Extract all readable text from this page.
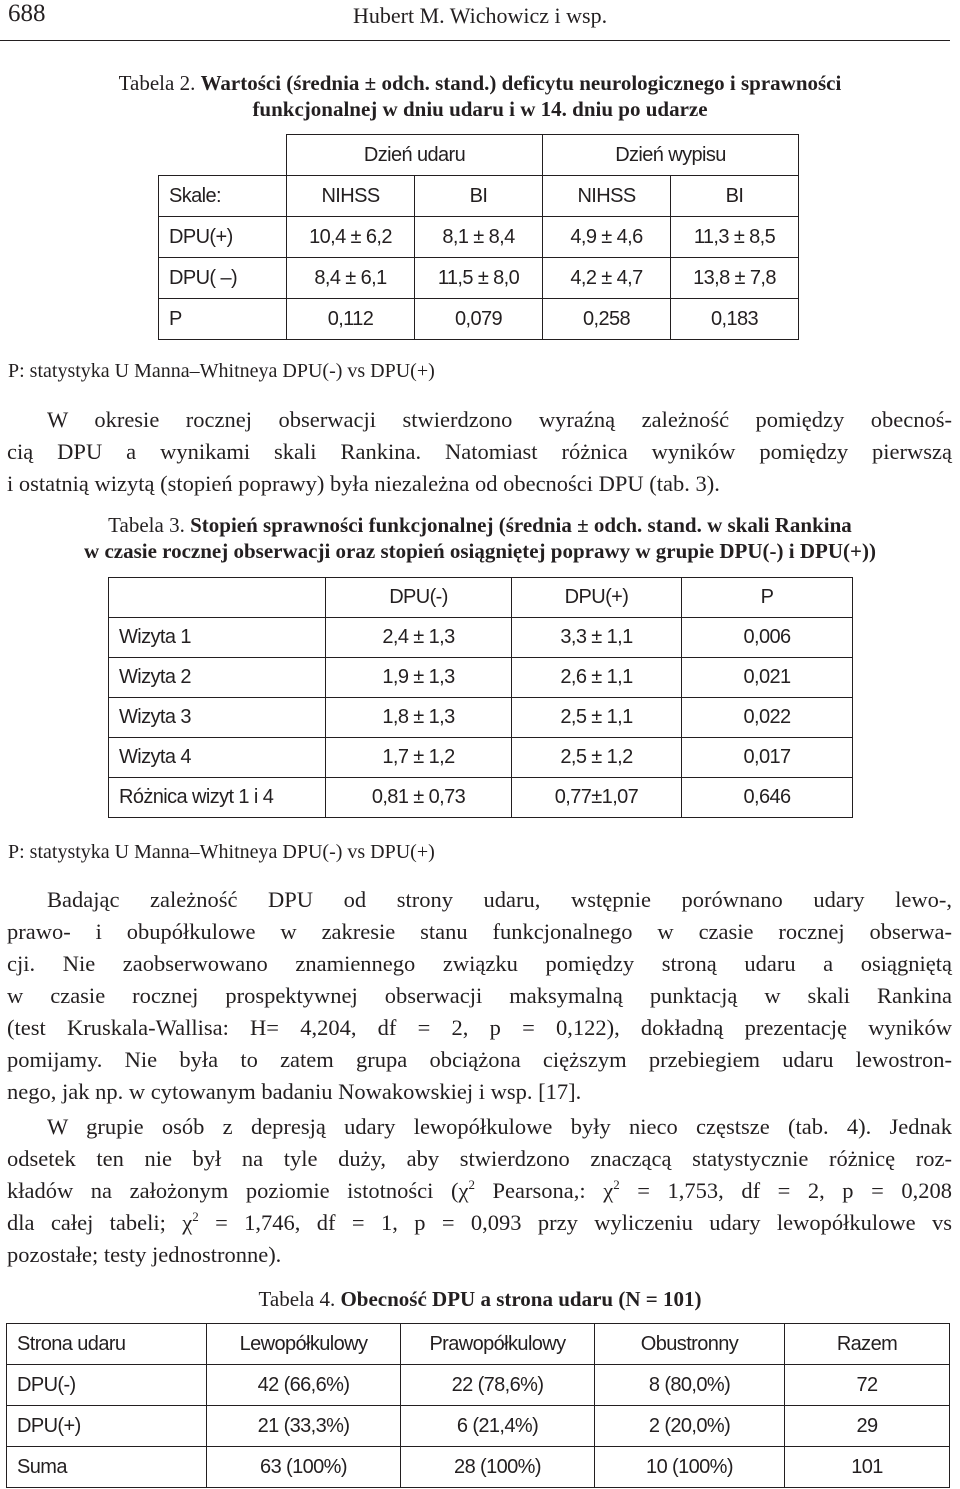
688	Hubert M. Wichowicz i wsp.
Tabela 2. Wartości (średnia ± odch. stand.) deficytu neurologicznego i sprawności
funkcjonalnej w dniu udaru i w 14. dniu po udarze
	Dzień udaru		Dzień wypisu	
Skale:	NIHSS	BI	NIHSS	BI
DPU(+)	10,4 ± 6,2	8,1 ± 8,4	4,9 ± 4,6	11,3 ± 8,5
DPU( –)	8,4 ± 6,1	11,5 ± 8,0	4,2 ± 4,7	13,8 ± 7,8
P	0,112	0,079	0,258	0,183
P: statystyka U Manna–Whitneya DPU(-) vs DPU(+)
W okresie rocznej obserwacji stwierdzono wyraźną zależność pomiędzy obecnoś-
cią DPU a wynikami skali Rankina. Natomiast różnica wyników pomiędzy pierwszą
i ostatnią wizytą (stopień poprawy) była niezależna od obecności DPU (tab. 3).
Tabela 3. Stopień sprawności funkcjonalnej (średnia ± odch. stand. w skali Rankina
w czasie rocznej obserwacji oraz stopień osiągniętej poprawy w grupie DPU(-) i DPU(+))
	DPU(-)	DPU(+)	P
Wizyta 1	2,4 ± 1,3	3,3 ± 1,1	0,006
Wizyta 2	1,9 ± 1,3	2,6 ± 1,1	0,021
Wizyta 3	1,8 ± 1,3	2,5 ± 1,1	0,022
Wizyta 4	1,7 ± 1,2	2,5 ± 1,2	0,017
Różnica wizyt 1 i 4	0,81 ± 0,73	0,77±1,07	0,646
P: statystyka U Manna–Whitneya DPU(-) vs DPU(+)
Badając zależność DPU od strony udaru, wstępnie porównano udary lewo-,
prawo- i obupółkulowe w zakresie stanu funkcjonalnego w czasie rocznej obserwa-
cji. Nie zaobserwowano znamiennego związku pomiędzy stroną udaru a osiągniętą
w czasie rocznej prospektywnej obserwacji maksymalną punktacją w skali Rankina
(test Kruskala-Wallisa: H= 4,204, df = 2, p = 0,122), dokładną prezentację wyników
pomijamy. Nie była to zatem grupa obciążona cięższym przebiegiem udaru lewostron-
nego, jak np. w cytowanym badaniu Nowakowskiej i wsp. [17].
W grupie osób z depresją udary lewopółkulowe były nieco częstsze (tab. 4). Jednak
odsetek ten nie był na tyle duży, aby stwierdzono znaczącą statystycznie różnicę roz-
kładów na założonym poziomie istotności ($\chi^2$ Pearsona,: $\chi^2 = 1,753$, df = 2, p = 0,208
dla całej tabeli; $\chi^2 = 1,746$, df = 1, p = 0,093 przy wyliczeniu udary lewopółkulowe vs
pozostałe; testy jednostronne).
Tabela 4. Obecność DPU a strona udaru (N = 101)
Strona udaru	Lewopółkulowy	Prawopółkulowy	Obustronny	Razem
DPU(-)	42 (66,6%)	22 (78,6%)	8 (80,0%)	72
DPU(+)	21 (33,3%)	6 (21,4%)	2 (20,0%)	29
Suma	63 (100%)	28 (100%)	10 (100%)	101
